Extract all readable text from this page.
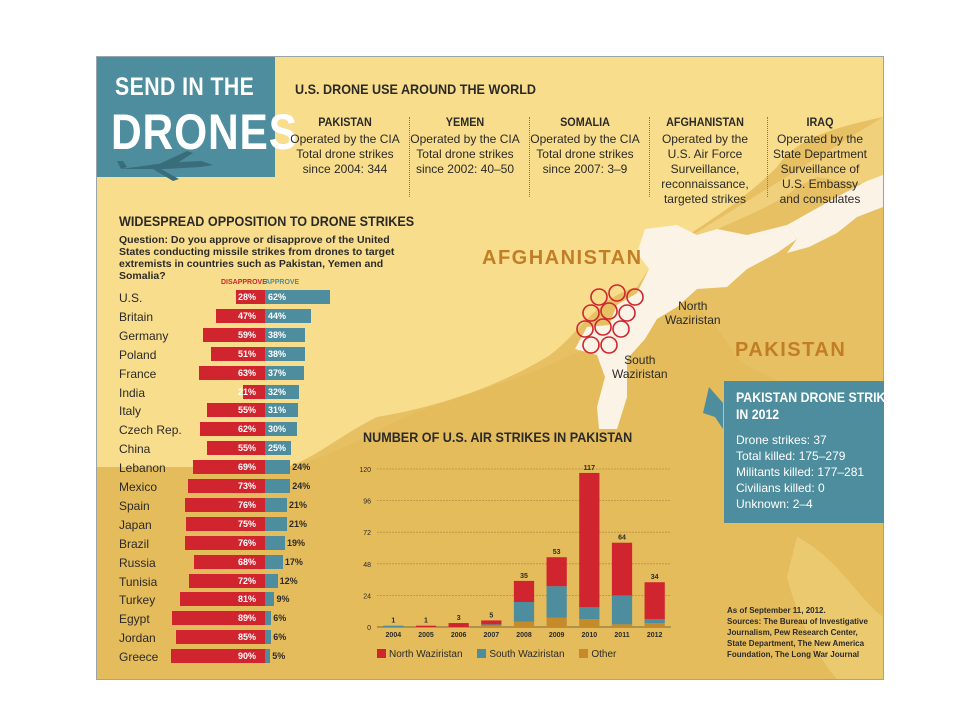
SEND IN THE
DRONES
U.S. DRONE USE AROUND THE WORLD
PAKISTAN
Operated by the CIA
Total drone strikes
since 2004: 344
YEMEN
Operated by the CIA
Total drone strikes
since 2002: 40–50
SOMALIA
Operated by the CIA
Total drone strikes
since 2007: 3–9
AFGHANISTAN
Operated by the
U.S. Air Force
Surveillance,
reconnaissance,
targeted strikes
IRAQ
Operated by the
State Department
Surveillance of
U.S. Embassy
and consulates
WIDESPREAD OPPOSITION TO DRONE STRIKES
Question: Do you approve or disapprove of the United States conducting missile strikes from drones to target extremists in countries such as Pakistan, Yemen and Somalia?
DISAPPROVE
APPROVE
U.S.	28% 62%
Britain	47% 44%
Germany	59% 38%
Poland	51% 38%
France	63% 37%
India	21% 32%
Italy	55% 31%
Czech Rep.	62% 30%
China	55% 25%
Lebanon	69%	24%
Mexico	73%	24%
Spain	76%	21%
Japan	75%	21%
Brazil	76%	19%
Russia	68%	17%
Tunisia	72%	12%
Turkey	81% 9%
Egypt	89% 6%
Jordan	85% 6%
Greece	90% 5%
AFGHANISTAN
PAKISTAN
North
Waziristan
South
Waziristan
PAKISTAN DRONE STRIKES
IN 2012
Drone strikes: 37
Total killed: 175–279
Militants killed: 177–281
Civilians killed: 0
Unknown: 2–4
NUMBER OF U.S. AIR STRIKES IN PAKISTAN
0
24
48
72
96
120
1
2004
1
2005
3
2006
5
2007
35
2008
53
2009
117
2010
64
2011
34
2012
North Waziristan	South Waziristan	Other
As of September 11, 2012.
Sources: The Bureau of Investigative Journalism, Pew Research Center, State Department, The New America Foundation, The Long War Journal
